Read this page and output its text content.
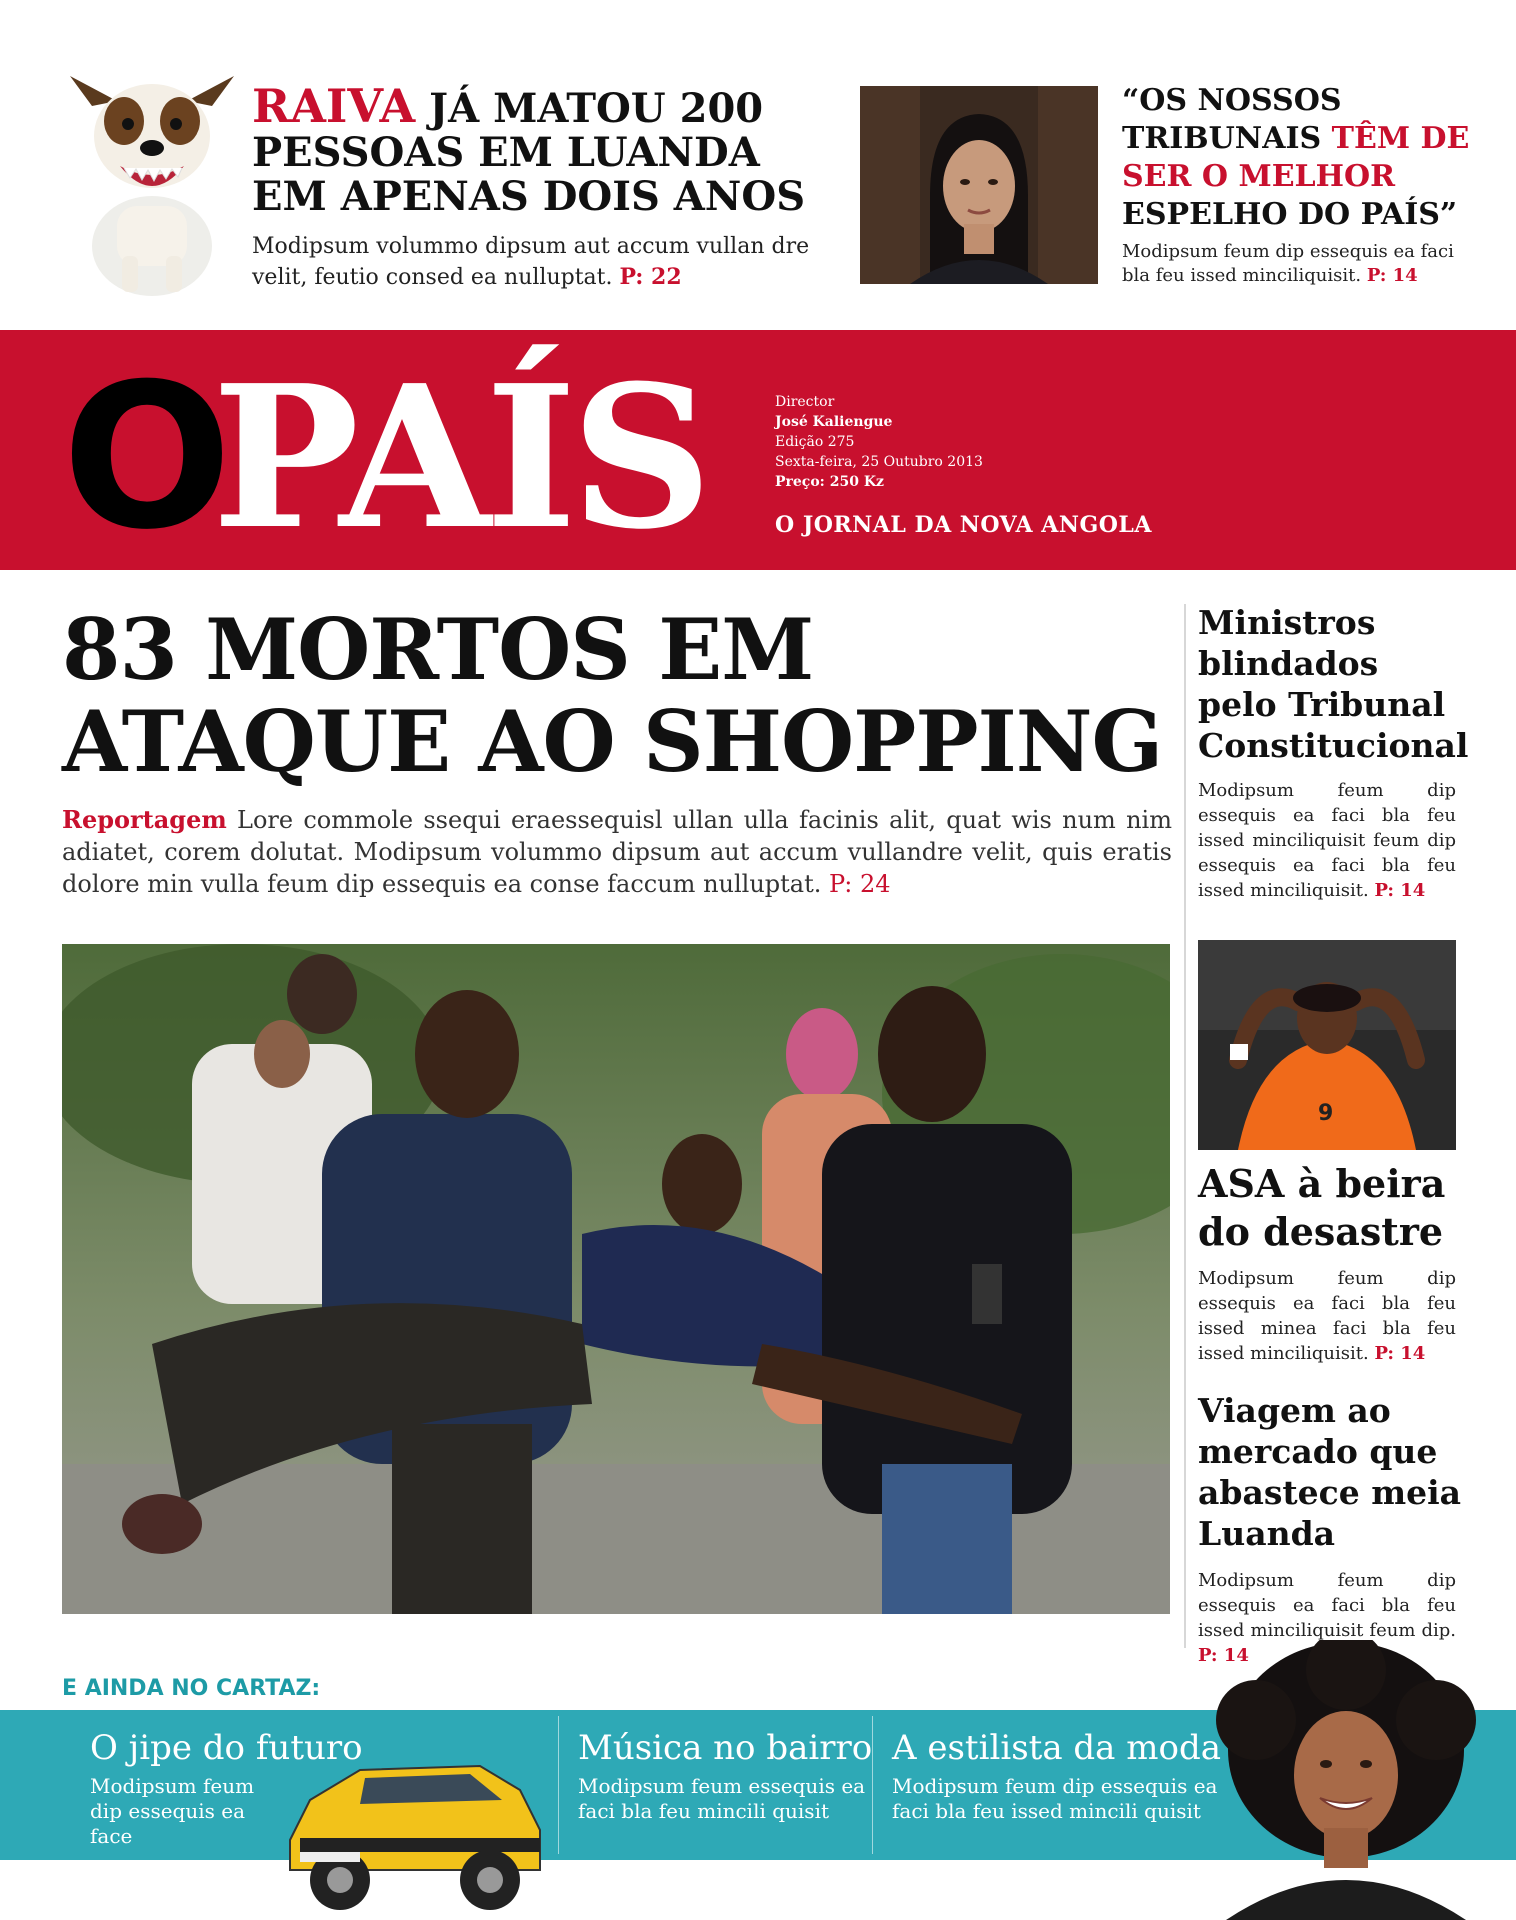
RAIVA JÁ MATOU 200 PESSOAS EM LUANDA EM APENAS DOIS ANOS
Modipsum volummo dipsum aut accum vullan dre velit, feutio consed ea nulluptat. P: 22
“OS NOSSOS TRIBUNAIS TÊM DE SER O MELHOR ESPELHO DO PAÍS”
Modipsum feum dip essequis ea faci bla feu issed minciliquisit. P: 14
O
PAÍS	Director
José Kaliengue
Edição 275
Sexta-feira, 25 Outubro 2013
Preço: 250 Kz
O JORNAL DA NOVA ANGOLA
83 MORTOS EM ATAQUE AO SHOPPING
Reportagem Lore commole ssequi eraessequisl ullan ulla facinis alit, quat wis num nim adiatet, corem dolutat. Modipsum volummo dipsum aut accum vullandre velit, quis eratis dolore min vulla feum dip essequis ea conse faccum nulluptat. P: 24
Ministros blindados pelo Tribunal Constitucional
Modipsum feum dip essequis ea faci bla feu issed minciliquisit feum dip essequis ea faci bla feu issed minciliquisit. P: 14
9
ASA à beira do desastre
Modipsum feum dip essequis ea faci bla feu issed minea faci bla feu issed minciliquisit. P: 14
Viagem ao mercado que abastece meia Luanda
Modipsum feum dip essequis ea faci bla feu issed minciliquisit feum dip. P: 14
E AINDA NO CARTAZ:
O jipe do futuro
Modipsum feum dip essequis ea face
Música no bairro
Modipsum feum essequis ea faci bla feu mincili quisit
A estilista da moda
Modipsum feum dip essequis ea faci bla feu issed mincili quisit
